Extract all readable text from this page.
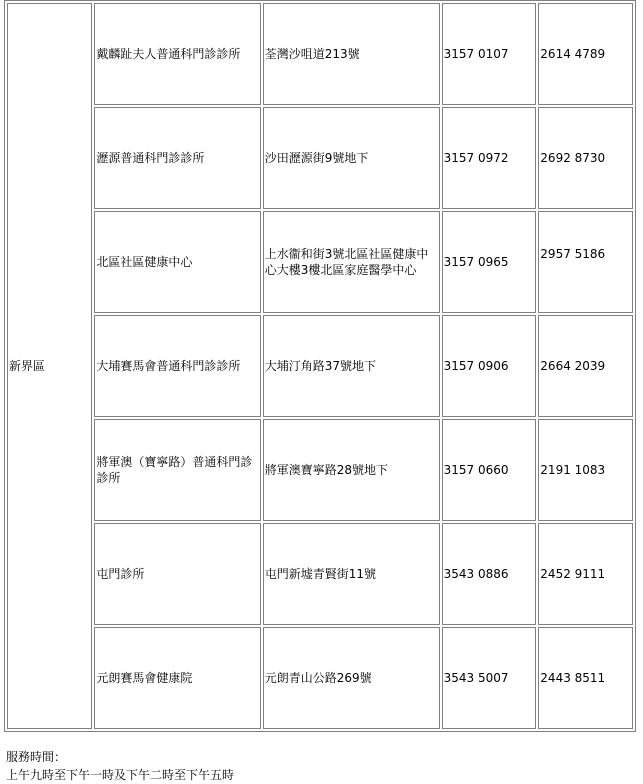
新界區	戴麟趾夫人普通科門診診所	荃灣沙咀道213號	3157 0107	2614 4789
	瀝源普通科門診診所	沙田瀝源街9號地下	3157 0972	2692 8730
	北區社區健康中心	上水衞和街3號北區社區健康中心大樓3樓北區家庭醫學中心	3157 0965	2957 5186
	大埔賽馬會普通科門診診所	大埔汀角路37號地下	3157 0906	2664 2039
	將軍澳（寶寧路）普通科門診診所	將軍澳寶寧路28號地下	3157 0660	2191 1083
	屯門診所	屯門新墟青賢街11號	3543 0886	2452 9111
	元朗賽馬會健康院	元朗青山公路269號	3543 5007	2443 8511
服務時間：
上午九時至下午一時及下午二時至下午五時
